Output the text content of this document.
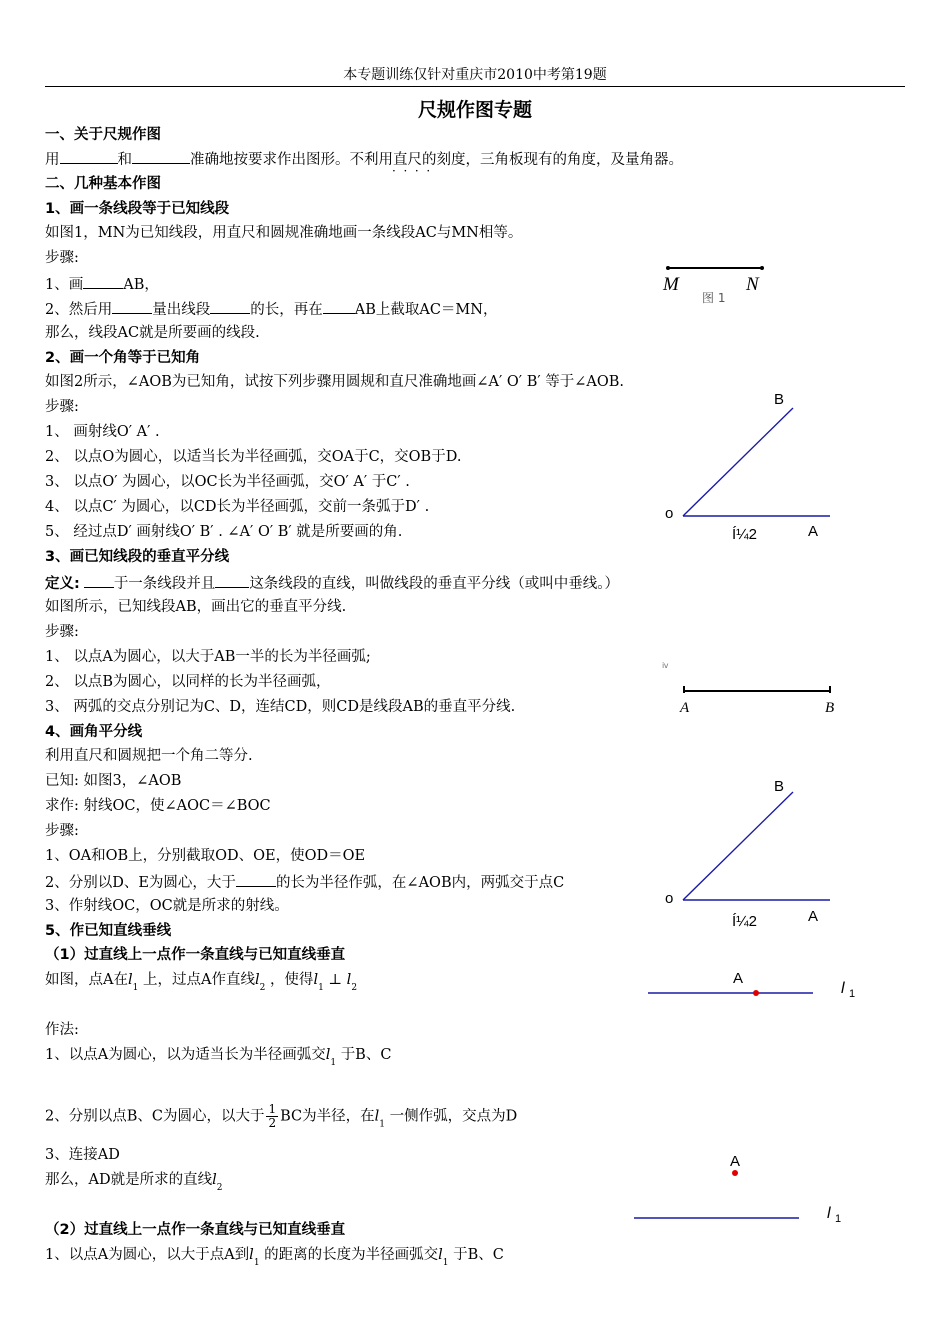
本专题训练仅针对重庆市2010中考第19题
尺规作图专题
一、关于尺规作图
用	和	准确地按要求作出图形。不利用直尺的刻度，三角板现有的角度，及量角器。
·  ·  ·  ·
二、几种基本作图
1、画一条线段等于已知线段
如图1，MN为已知线段，用直尺和圆规准确地画一条线段AC与MN相等。
步骤:
1、画	AB，
2、然后用	量出线段	的长，再在 AB上截取AC＝MN，
那么，线段AC就是所要画的线段.
2、画一个角等于已知角
如图2所示，∠AOB为已知角，试按下列步骤用圆规和直尺准确地画∠A′ O′ B′ 等于∠AOB.
步骤:
1、 画射线O′ A′ .
2、 以点O为圆心，以适当长为半径画弧，交OA于C，交OB于D.
3、 以点O′ 为圆心，以OC长为半径画弧，交O′ A′ 于C′ .
4、 以点C′ 为圆心，以CD长为半径画弧，交前一条弧于D′ .
5、 经过点D′ 画射线O′ B′ . ∠A′ O′ B′ 就是所要画的角.
3、画已知线段的垂直平分线
定义: 于一条线段并且 这条线段的直线，叫做线段的垂直平分线（或叫中垂线。）
如图所示，已知线段AB，画出它的垂直平分线.
步骤:
1、 以点A为圆心，以大于AB一半的长为半径画弧;
2、 以点B为圆心，以同样的长为半径画弧，
3、 两弧的交点分别记为C、D，连结CD，则CD是线段AB的垂直平分线.
4、画角平分线
利用直尺和圆规把一个角二等分.
已知: 如图3，∠AOB
求作: 射线OC，使∠AOC＝∠BOC
步骤:
1、OA和OB上，分别截取OD、OE，使OD＝OE
2、分别以D、E为圆心，大于	的长为半径作弧，在∠AOB内，两弧交于点C
3、作射线OC，OC就是所求的射线。
5、作已知直线垂线
（1）过直线上一点作一条直线与已知直线垂直
如图，点A在$l_1$ 上，过点A作直线$l_2$ ，使得$l_1$ ⊥ $l_2$
作法:
1、以点A为圆心，以为适当长为半径画弧交$l_1$ 于B、C
2、分别以点B、C为圆心，以大于 $\frac{1}{2}$ BC为半径，在$l_1$ 一侧作弧，交点为D
3、连接AD
那么，AD就是所求的直线$l_2$
（2）过直线上一点作一条直线与已知直线垂直
1、以点A为圆心，以大于点A到$l_1$ 的距离的长度为半径画弧交$l_1$ 于B、C
M	N
图 1
B
o
A
Í¼2
ⅳ
A	B
B
o
A
Í¼2
A
l 1
A
l 1
